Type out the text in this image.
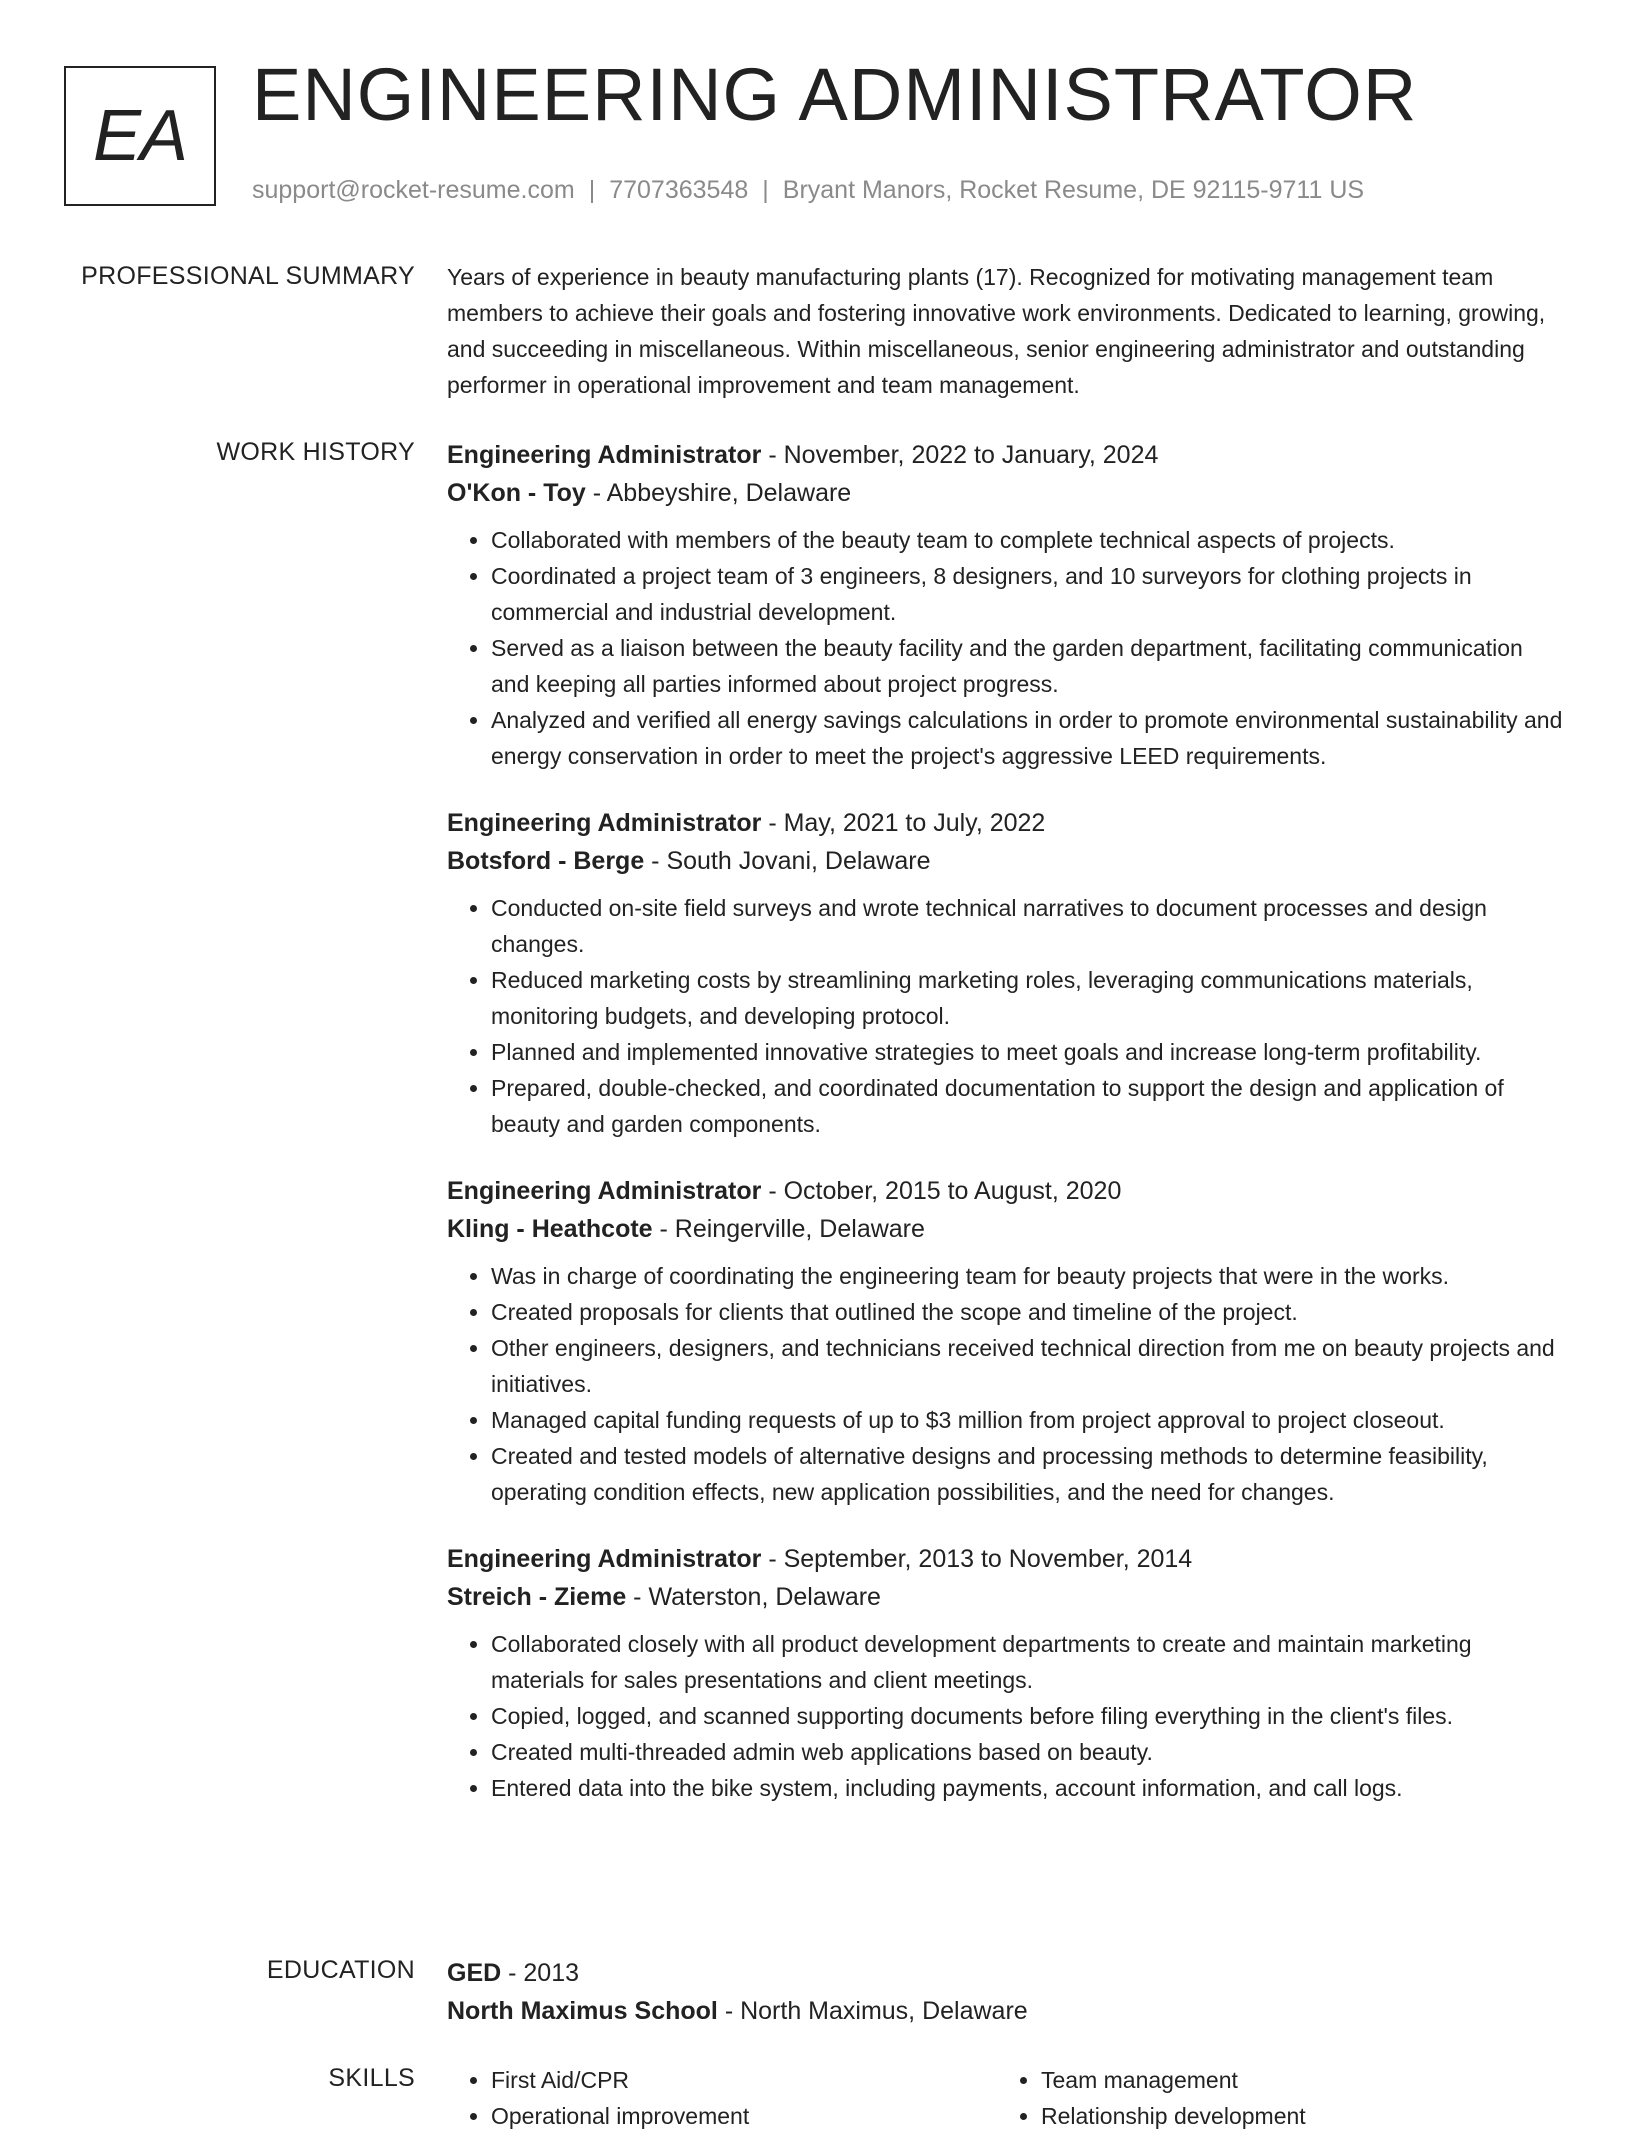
EA ENGINEERING ADMINISTRATOR
support@rocket-resume.com | 7707363548 | Bryant Manors, Rocket Resume, DE 92115-9711 US
PROFESSIONAL SUMMARY Years of experience in beauty manufacturing plants (17). Recognized for motivating management team members to achieve their goals and fostering innovative work environments. Dedicated to learning, growing, and succeeding in miscellaneous. Within miscellaneous, senior engineering administrator and outstanding performer in operational improvement and team management.

WORK HISTORY Engineering Administrator - November, 2022 to January, 2024
O'Kon - Toy - Abbeyshire, Delaware
• Collaborated with members of the beauty team to complete technical aspects of projects.
• Coordinated a project team of 3 engineers, 8 designers, and 10 surveyors for clothing projects in commercial and industrial development.
• Served as a liaison between the beauty facility and the garden department, facilitating communication and keeping all parties informed about project progress.
• Analyzed and verified all energy savings calculations in order to promote environmental sustainability and energy conservation in order to meet the project's aggressive LEED requirements.
Engineering Administrator - May, 2021 to July, 2022
Botsford - Berge - South Jovani, Delaware
• Conducted on-site field surveys and wrote technical narratives to document processes and design changes.
• Reduced marketing costs by streamlining marketing roles, leveraging communications materials, monitoring budgets, and developing protocol.
• Planned and implemented innovative strategies to meet goals and increase long-term profitability.
• Prepared, double-checked, and coordinated documentation to support the design and application of beauty and garden components.
Engineering Administrator - October, 2015 to August, 2020
Kling - Heathcote - Reingerville, Delaware
• Was in charge of coordinating the engineering team for beauty projects that were in the works.
• Created proposals for clients that outlined the scope and timeline of the project.
• Other engineers, designers, and technicians received technical direction from me on beauty projects and initiatives.
• Managed capital funding requests of up to $3 million from project approval to project closeout.
• Created and tested models of alternative designs and processing methods to determine feasibility, operating condition effects, new application possibilities, and the need for changes.
Engineering Administrator - September, 2013 to November, 2014
Streich - Zieme - Waterston, Delaware
• Collaborated closely with all product development departments to create and maintain marketing materials for sales presentations and client meetings.
• Copied, logged, and scanned supporting documents before filing everything in the client's files.
• Created multi-threaded admin web applications based on beauty.
• Entered data into the bike system, including payments, account information, and call logs.
EDUCATION GED - 2013
North Maximus School - North Maximus, Delaware
SKILLS
•	First Aid/CPR
• Operational improvement
• Team management
• Relationship development
